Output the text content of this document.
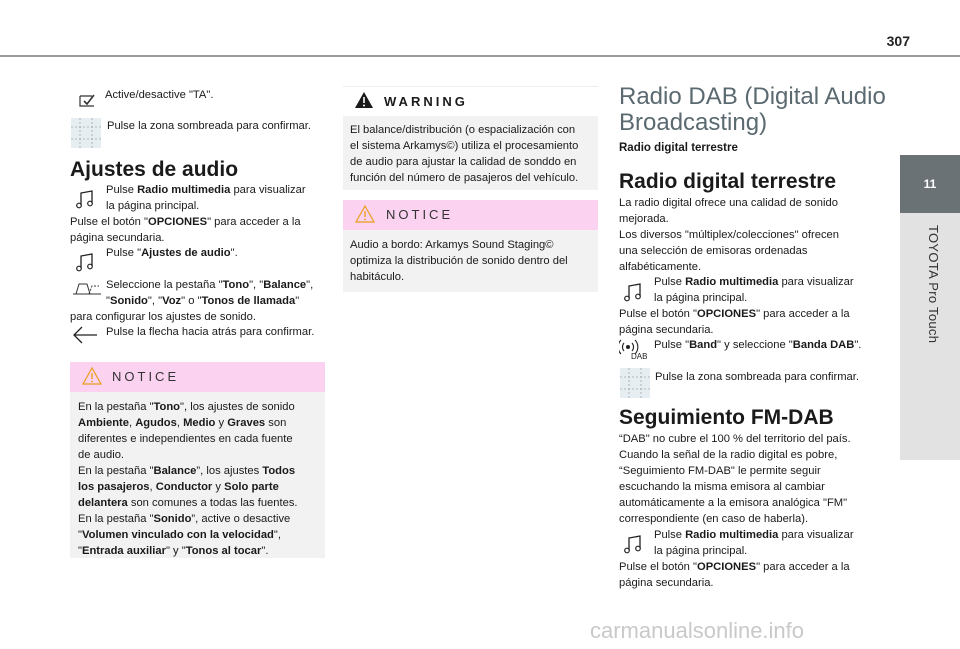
307
11
TOYOTA Pro Touch
Active/desactive "TA".
Pulse la zona sombreada para confirmar.
Ajustes de audio
Pulse Radio multimedia para visualizar
la página principal.
Pulse el botón "OPCIONES" para acceder a la
página secundaria.
Pulse "Ajustes de audio".
Seleccione la pestaña "Tono", "Balance",
"Sonido", "Voz" o "Tonos de llamada"
para configurar los ajustes de sonido.
Pulse la flecha hacia atrás para confirmar.
NOTICE
En la pestaña "Tono", los ajustes de sonido
Ambiente, Agudos, Medio y Graves son
diferentes e independientes en cada fuente
de audio.
En la pestaña "Balance”, los ajustes Todos
los pasajeros, Conductor y Solo parte
delantera son comunes a todas las fuentes.
En la pestaña "Sonido”, active o desactive
"Volumen vinculado con la velocidad",
"Entrada auxiliar" y "Tonos al tocar".
WARNING
El balance/distribución (o espacialización con
el sistema Arkamys©) utiliza el procesamiento
de audio para ajustar la calidad de sonddo en
función del número de pasajeros del vehículo.
NOTICE
Audio a bordo: Arkamys Sound Staging©
optimiza la distribución de sonido dentro del
habitáculo.
Radio DAB (Digital Audio
Broadcasting)
Radio digital terrestre
Radio digital terrestre
La radio digital ofrece una calidad de sonido
mejorada.
Los diversos "múltiplex/colecciones" ofrecen
una selección de emisoras ordenadas
alfabéticamente.
Pulse Radio multimedia para visualizar
la página principal.
Pulse el botón "OPCIONES" para acceder a la
página secundaria.
DAB
Pulse "Band" y seleccione "Banda DAB".
Pulse la zona sombreada para confirmar.
Seguimiento FM-DAB
“DAB" no cubre el 100 % del territorio del país.
Cuando la señal de la radio digital es pobre,
“Seguimiento FM-DAB" le permite seguir
escuchando la misma emisora al cambiar
automáticamente a la emisora analógica "FM"
correspondiente (en caso de haberla).
Pulse Radio multimedia para visualizar
la página principal.
Pulse el botón "OPCIONES" para acceder a la
página secundaria.
carmanualsonline.info
